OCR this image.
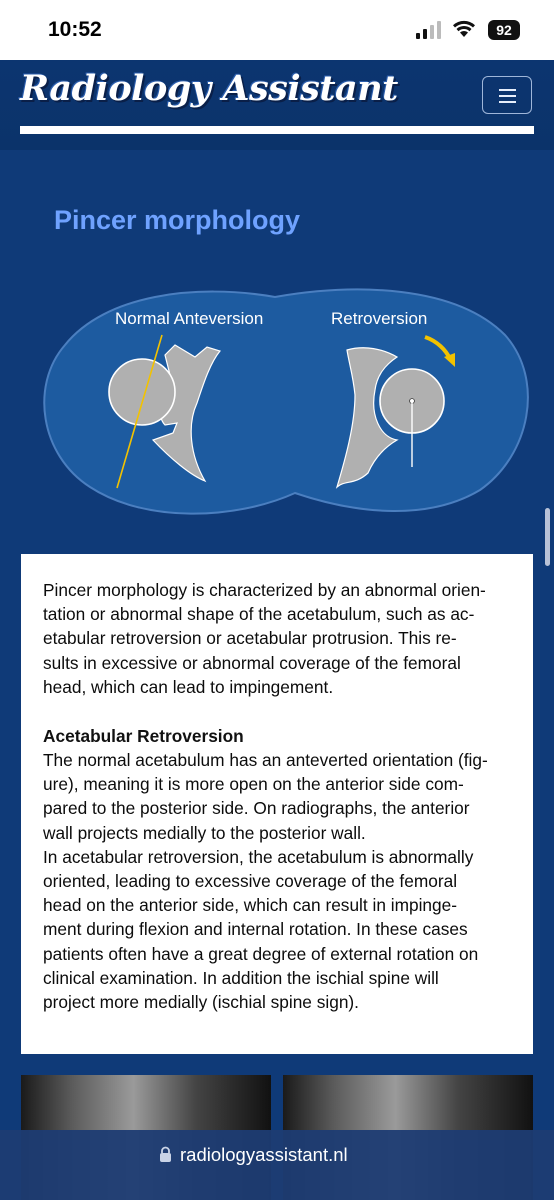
10:52	92
Radiology Assistant
Pincer morphology
Normal Anteversion	Retroversion

Pincer morphology is characterized by an abnormal orien-

tation or abnormal shape of the acetabulum, such as ac-

etabular retroversion or acetabular protrusion. This re-

sults in excessive or abnormal coverage of the femoral

head, which can lead to impingement.

Acetabular Retroversion

The normal acetabulum has an anteverted orientation (fig-

ure), meaning it is more open on the anterior side com-

pared to the posterior side. On radiographs, the anterior

wall projects medially to the posterior wall.

In acetabular retroversion, the acetabulum is abnormally

oriented, leading to excessive coverage of the femoral

head on the anterior side, which can result in impinge-

ment during flexion and internal rotation. In these cases

patients often have a great degree of external rotation on

clinical examination. In addition the ischial spine will

project more medially (ischial spine sign).

radiologyassistant.nl
